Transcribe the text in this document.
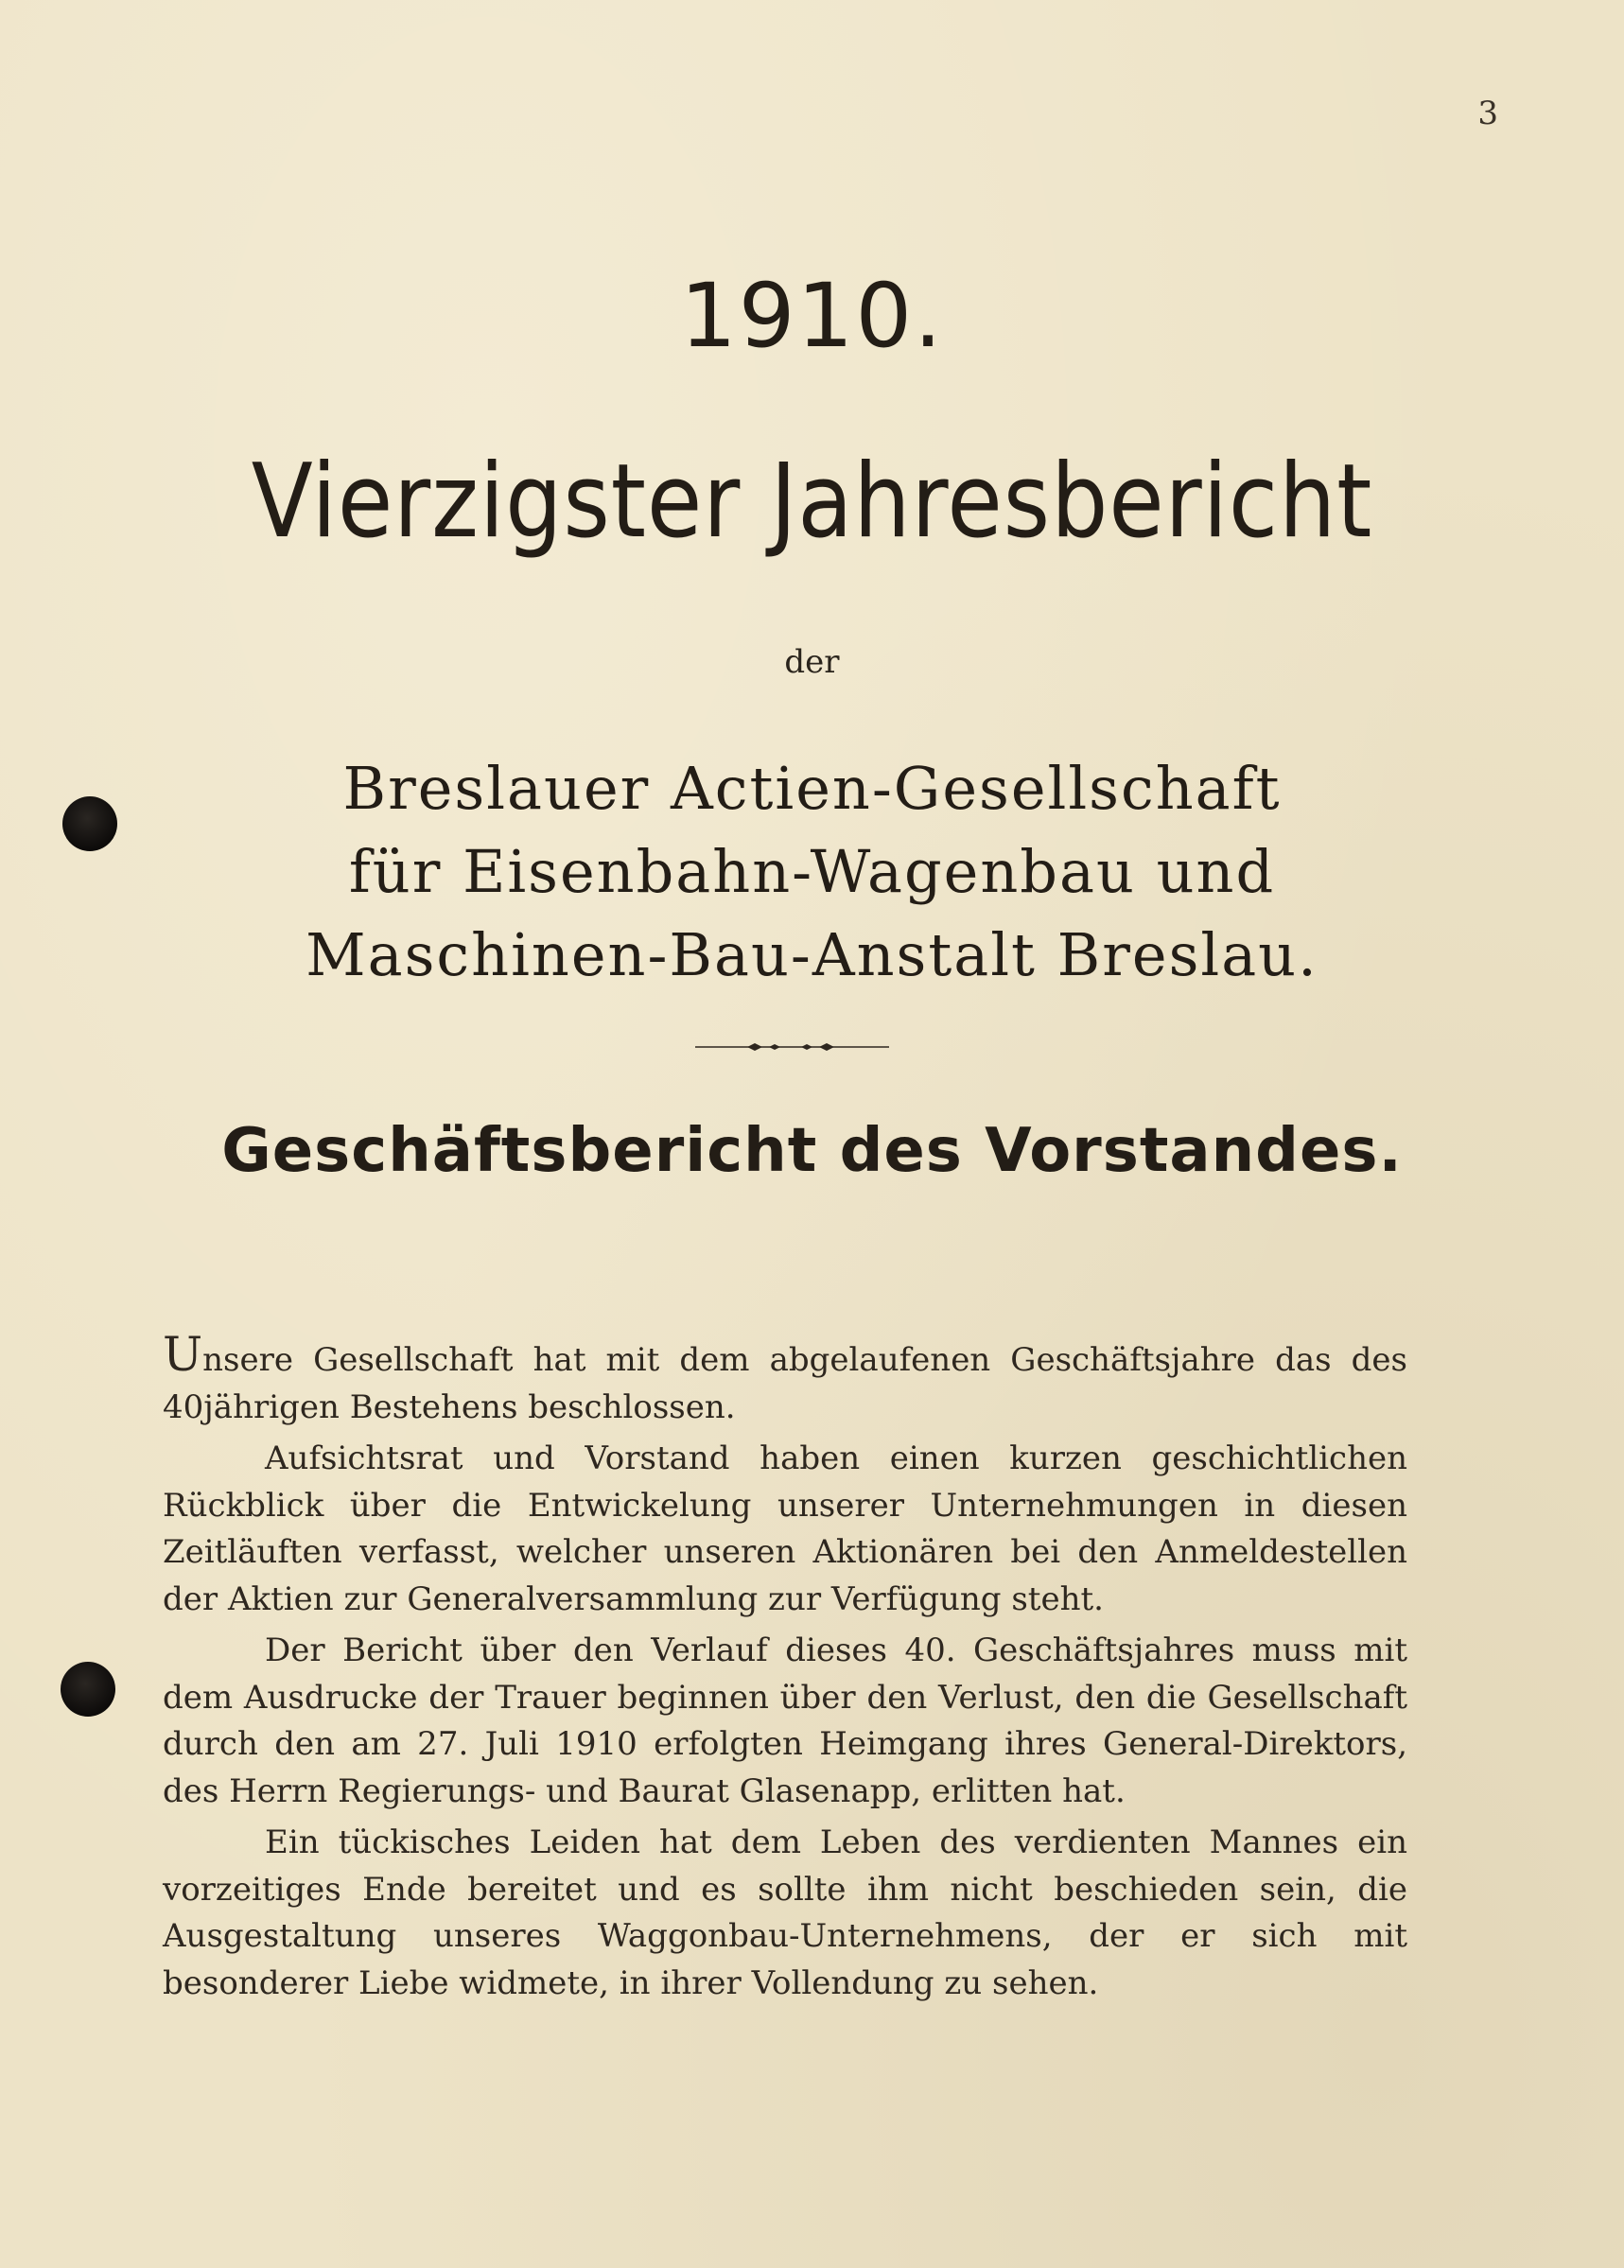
3
1910.
Vierzigster Jahresbericht
der
Breslauer Actien-Gesellschaft
für Eisenbahn-Wagenbau und
Maschinen-Bau-Anstalt Breslau.
Geschäftsbericht des Vorstandes.

Unsere Gesellschaft hat mit dem abgelaufenen Geschäftsjahre das des 40jährigen Bestehens beschlossen.

Aufsichtsrat und Vorstand haben einen kurzen geschichtlichen Rückblick über die Entwickelung unserer Unternehmungen in diesen Zeitläuften verfasst, welcher unseren Aktionären bei den Anmeldestellen der Aktien zur Generalversammlung zur Verfügung steht.

Der Bericht über den Verlauf dieses 40. Geschäftsjahres muss mit dem Ausdrucke der Trauer beginnen über den Verlust, den die Gesellschaft durch den am 27. Juli 1910 erfolgten Heimgang ihres General-Direktors, des Herrn Regierungs- und Baurat Glasenapp, erlitten hat.

Ein tückisches Leiden hat dem Leben des verdienten Mannes ein vorzeitiges Ende bereitet und es sollte ihm nicht beschieden sein, die Ausgestaltung unseres Waggonbau-Unternehmens, der er sich mit besonderer Liebe widmete, in ihrer Vollendung zu sehen.
